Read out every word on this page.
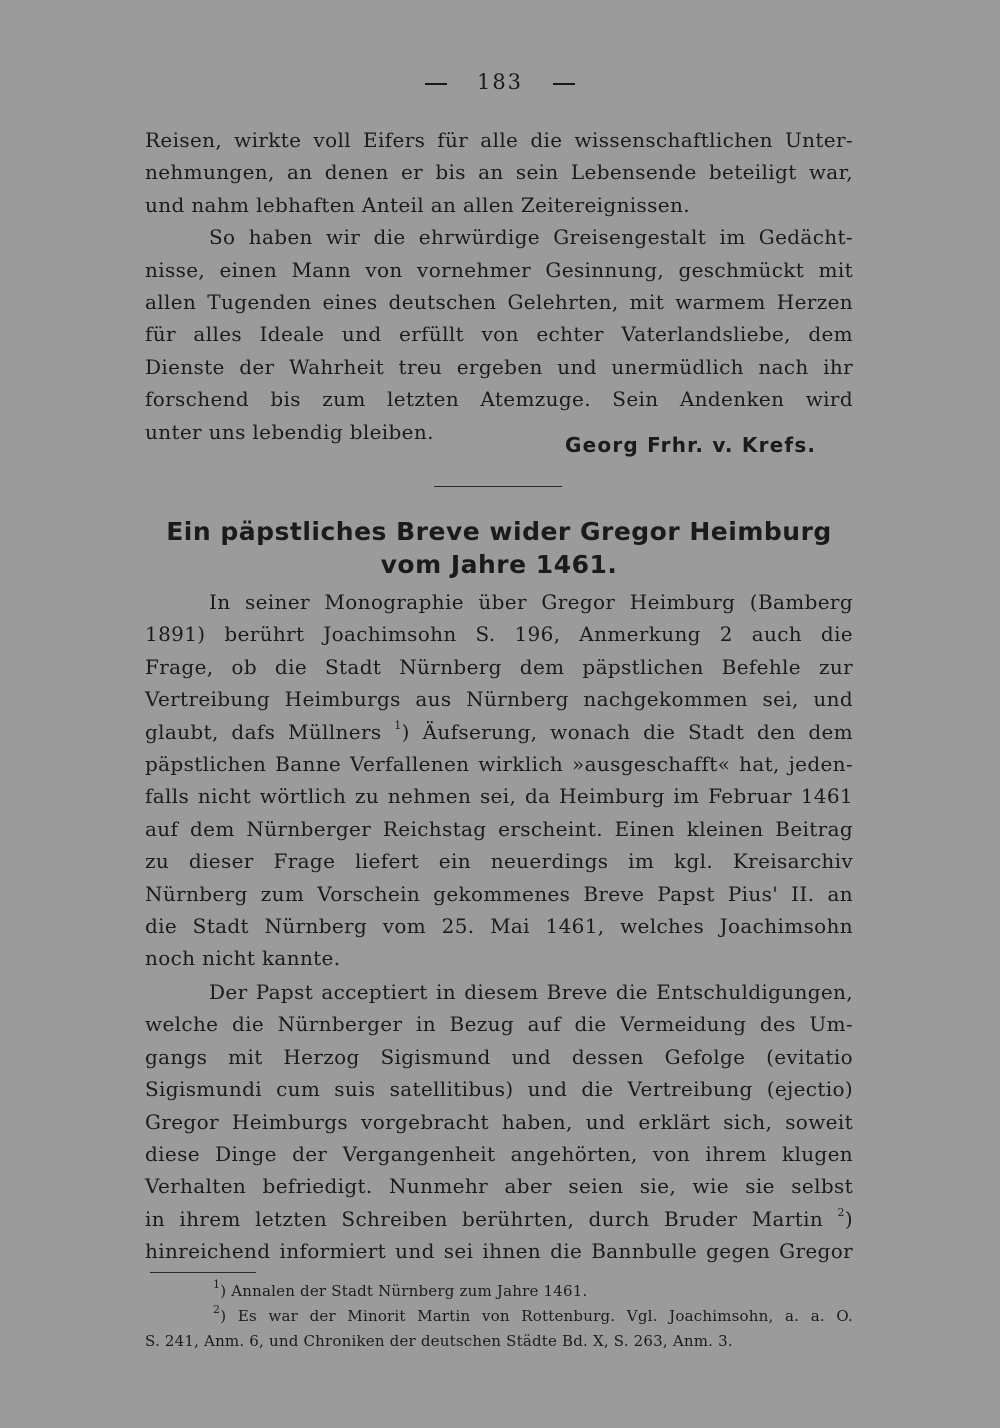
183
Reisen, wirkte voll Eifers für alle die wissenschaftlichen Unter-
nehmungen, an denen er bis an sein Lebensende beteiligt war,
und nahm lebhaften Anteil an allen Zeitereignissen.
So haben wir die ehrwürdige Greisengestalt im Gedächt-
nisse, einen Mann von vornehmer Gesinnung, geschmückt mit
allen Tugenden eines deutschen Gelehrten, mit warmem Herzen
für alles Ideale und erfüllt von echter Vaterlandsliebe, dem
Dienste der Wahrheit treu ergeben und unermüdlich nach ihr
forschend bis zum letzten Atemzuge. Sein Andenken wird
unter uns lebendig bleiben.
Georg Frhr. v. Krefs.
Ein päpstliches Breve wider Gregor Heimburg
vom Jahre 1461.
In seiner Monographie über Gregor Heimburg (Bamberg
1891) berührt Joachimsohn S. 196, Anmerkung 2 auch die
Frage, ob die Stadt Nürnberg dem päpstlichen Befehle zur
Vertreibung Heimburgs aus Nürnberg nachgekommen sei, und
glaubt, dafs Müllners $^1$) Äufserung, wonach die Stadt den dem
päpstlichen Banne Verfallenen wirklich »ausgeschafft« hat, jeden-
falls nicht wörtlich zu nehmen sei, da Heimburg im Februar 1461
auf dem Nürnberger Reichstag erscheint. Einen kleinen Beitrag
zu dieser Frage liefert ein neuerdings im kgl. Kreisarchiv
Nürnberg zum Vorschein gekommenes Breve Papst Pius' II. an
die Stadt Nürnberg vom 25. Mai 1461, welches Joachimsohn
noch nicht kannte.
Der Papst acceptiert in diesem Breve die Entschuldigungen,
welche die Nürnberger in Bezug auf die Vermeidung des Um-
gangs mit Herzog Sigismund und dessen Gefolge (evitatio
Sigismundi cum suis satellitibus) und die Vertreibung (ejectio)
Gregor Heimburgs vorgebracht haben, und erklärt sich, soweit
diese Dinge der Vergangenheit angehörten, von ihrem klugen
Verhalten befriedigt. Nunmehr aber seien sie, wie sie selbst
in ihrem letzten Schreiben berührten, durch Bruder Martin $^2$)
hinreichend informiert und sei ihnen die Bannbulle gegen Gregor
$^1$) Annalen der Stadt Nürnberg zum Jahre 1461.
$^2$) Es war der Minorit Martin von Rottenburg. Vgl. Joachimsohn, a. a. O.
S. 241, Anm. 6, und Chroniken der deutschen Städte Bd. X, S. 263, Anm. 3.
